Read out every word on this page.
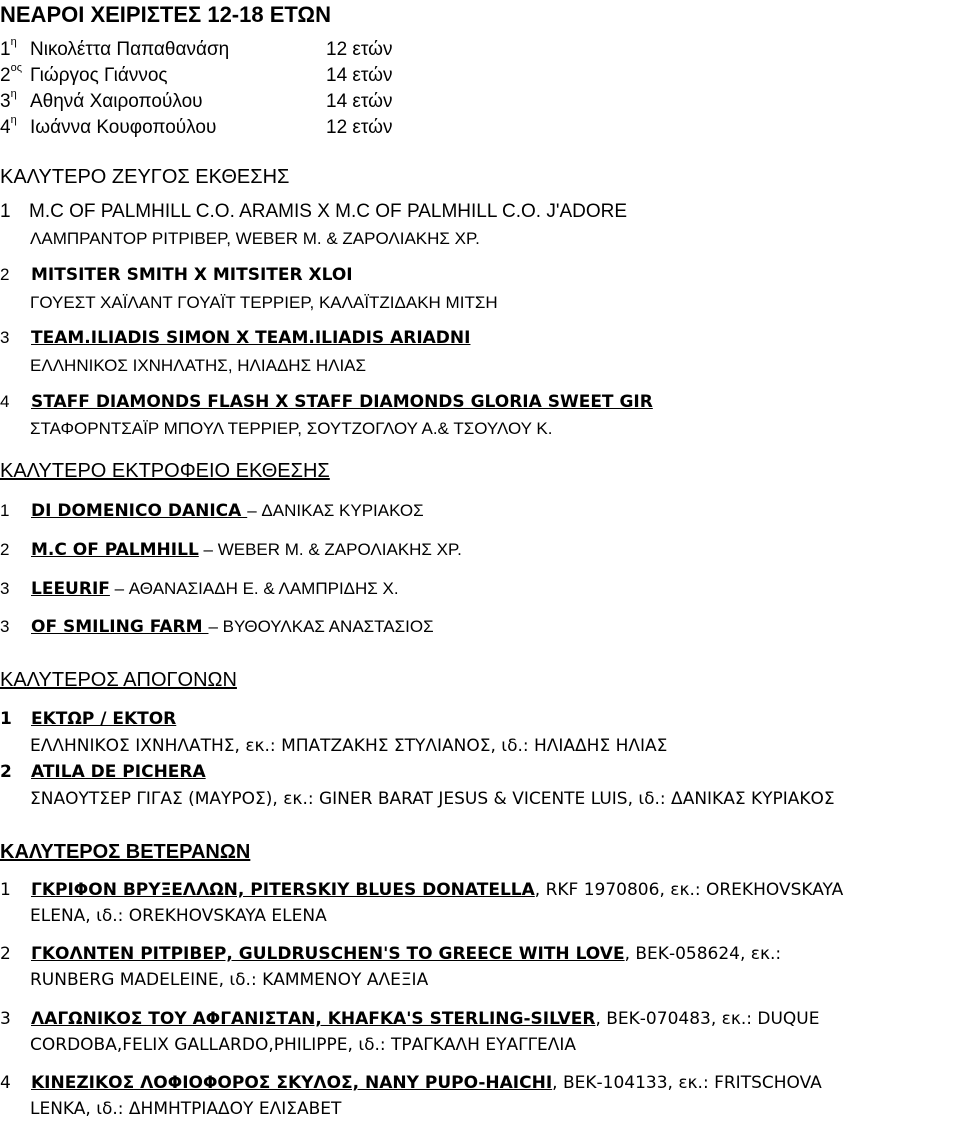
ΝΕΑΡΟΙ ΧΕΙΡΙΣΤΕΣ 12-18 ΕΤΩΝ
$1^\eta$ Νικολέττα Παπαθανάση	12 ετών
$2^{o\varsigma}$ Γιώργος Γιάννος	14 ετών
$3^\eta$ Αθηνά Χαιροπούλου	14 ετών
$4^\eta$ Ιωάννα Κουφοπούλου	12 ετών
ΚΑΛΥΤΕΡΟ ΖΕΥΓΟΣ ΕΚΘΕΣΗΣ
1 M.C OF PALMHILL C.O. ARAMIS X M.C OF PALMHILL C.O. J'ADORE
ΛΑΜΠΡΑΝΤΟΡ ΡΙΤΡΙΒΕΡ, WEBER M. & ΖΑΡΟΛΙΑΚΗΣ ΧΡ.
2 MITSITER SMITH X MITSITER XLOI
ΓΟΥΕΣΤ ΧΑΪΛΑΝΤ ΓΟΥΑΪΤ ΤΕΡΡΙΕΡ, ΚΑΛΑΪΤΖΙΔΑΚΗ ΜΙΤΣΗ
3 TEAM.ILIADIS SIMON X TEAM.ILIADIS ARIADNI
ΕΛΛΗΝΙΚΟΣ ΙΧΝΗΛΑΤΗΣ, ΗΛΙΑΔΗΣ ΗΛΙΑΣ
4 STAFF DIAMONDS FLASH X STAFF DIAMONDS GLORIA SWEET GIR
ΣΤΑΦΟΡΝΤΣΑΪΡ ΜΠΟΥΛ ΤΕΡΡΙΕΡ, ΣΟΥΤΖΟΓΛΟΥ Α.& ΤΣΟΥΛΟΥ Κ.
ΚΑΛΥΤΕΡΟ ΕΚΤΡΟΦΕΙΟ ΕΚΘΕΣΗΣ
1 DI DOMENICO DANICA – ΔΑΝΙΚΑΣ ΚΥΡΙΑΚΟΣ
2 M.C OF PALMHILL – WEBER M. & ΖΑΡΟΛΙΑΚΗΣ ΧΡ.
3 LEEURIF – ΑΘΑΝΑΣΙΑΔΗ Ε. & ΛΑΜΠΡΙΔΗΣ Χ.
3 OF SMILING FARM – ΒΥΘΟΥΛΚΑΣ ΑΝΑΣΤΑΣΙΟΣ
ΚΑΛΥΤΕΡΟΣ ΑΠΟΓΟΝΩΝ
1 ΕΚΤΩΡ / EKTOR
ΕΛΛΗΝΙΚΟΣ ΙΧΝΗΛΑΤΗΣ, εκ.: ΜΠΑΤΖΑΚΗΣ ΣΤΥΛΙΑΝΟΣ, ιδ.: ΗΛΙΑΔΗΣ ΗΛΙΑΣ
2 ATILA DE PICHERA
ΣΝΑΟΥΤΣΕΡ ΓΙΓΑΣ (ΜΑΥΡΟΣ), εκ.: GINER BARAT JESUS & VICENTE LUIS, ιδ.: ΔΑΝΙΚΑΣ ΚΥΡΙΑΚΟΣ
ΚΑΛΥΤΕΡΟΣ ΒΕΤΕΡΑΝΩΝ
1 ΓΚΡΙΦΟΝ ΒΡΥΞΕΛΛΩΝ, PITERSKIY BLUES DONATELLA, RKF 1970806, εκ.: OREKHOVSKAYA
ELENA, ιδ.: OREKHOVSKAYA ELENA
2 ΓΚΟΛΝΤΕΝ ΡΙΤΡΙΒΕΡ, GULDRUSCHEN'S TO GREECE WITH LOVE, ΒΕΚ-058624, εκ.:
RUNBERG MADELEINE, ιδ.: ΚΑΜΜΕΝΟΥ ΑΛΕΞΙΑ
3 ΛΑΓΩΝΙΚΟΣ ΤΟΥ ΑΦΓΑΝΙΣΤΑΝ, KHAFKA'S STERLING-SILVER, ΒΕΚ-070483, εκ.: DUQUE
CORDOBA,FELIX GALLARDO,PHILIPPE, ιδ.: ΤΡΑΓΚΑΛΗ ΕΥΑΓΓΕΛΙΑ
4 ΚΙΝΕΖΙΚΟΣ ΛΟΦΙΟΦΟΡΟΣ ΣΚΥΛΟΣ, NANY PUPO-HAICHI, ΒΕΚ-104133, εκ.: FRITSCHOVA
LENKA, ιδ.: ΔΗΜΗΤΡΙΑΔΟΥ ΕΛΙΣΑΒΕΤ
